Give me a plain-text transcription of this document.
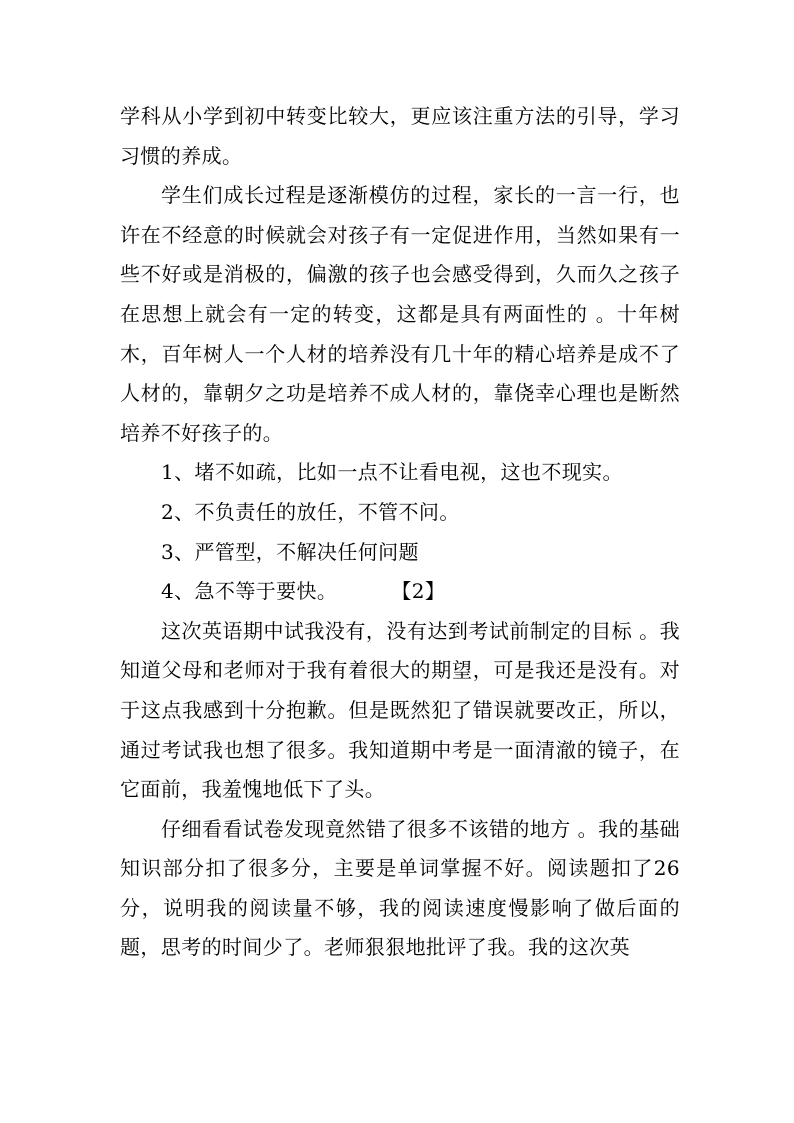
学科从小学到初中转变比较大，更应该注重方法的引导，学习习惯的养成。

学生们成长过程是逐渐模仿的过程，家长的一言一行，也许在不经意的时候就会对孩子有一定促进作用，当然如果有一些不好或是消极的，偏激的孩子也会感受得到，久而久之孩子在思想上就会有一定的转变，这都是具有两面性的 。十年树木，百年树人一个人材的培养没有几十年的精心培养是成不了人材的，靠朝夕之功是培养不成人材的，靠侥幸心理也是断然培养不好孩子的。

1、堵不如疏，比如一点不让看电视，这也不现实。

2、不负责任的放任，不管不问。

3、严管型，不解决任何问题

4、急不等于要快。        【2】

这次英语期中试我没有，没有达到考试前制定的目标 。我知道父母和老师对于我有着很大的期望，可是我还是没有。对于这点我感到十分抱歉。但是既然犯了错误就要改正，所以，通过考试我也想了很多。我知道期中考是一面清澈的镜子，在它面前，我羞愧地低下了头。

仔细看看试卷发现竟然错了很多不该错的地方 。我的基础知识部分扣了很多分，主要是单词掌握不好。阅读题扣了26分，说明我的阅读量不够，我的阅读速度慢影响了做后面的题，思考的时间少了。老师狠狠地批评了我。我的这次英
